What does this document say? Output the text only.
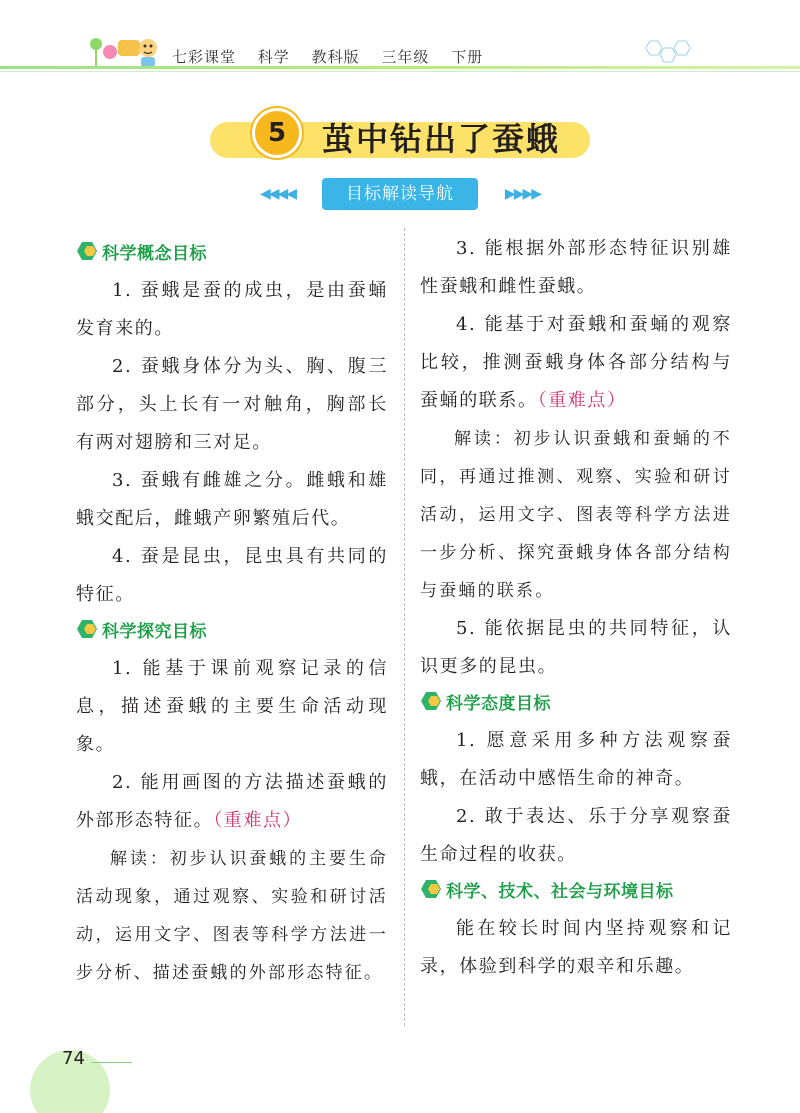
七彩课堂 科学 教科版 三年级 下册
5	茧中钻出了蚕蛾
◀◀◀◀	目标解读导航	▶▶▶▶
科学概念目标

1. 蚕蛾是蚕的成虫，是由蚕蛹发育来的。

2. 蚕蛾身体分为头、胸、腹三部分，头上长有一对触角，胸部长有两对翅膀和三对足。

3. 蚕蛾有雌雄之分。雌蛾和雄蛾交配后，雌蛾产卵繁殖后代。

4. 蚕是昆虫，昆虫具有共同的特征。

科学探究目标

1. 能基于课前观察记录的信息，描述蚕蛾的主要生命活动现象。

2. 能用画图的方法描述蚕蛾的外部形态特征。（重难点）

解读：初步认识蚕蛾的主要生命活动现象，通过观察、实验和研讨活动，运用文字、图表等科学方法进一步分析、描述蚕蛾的外部形态特征。

3. 能根据外部形态特征识别雄性蚕蛾和雌性蚕蛾。

4. 能基于对蚕蛾和蚕蛹的观察比较，推测蚕蛾身体各部分结构与蚕蛹的联系。（重难点）

解读：初步认识蚕蛾和蚕蛹的不同，再通过推测、观察、实验和研讨活动，运用文字、图表等科学方法进一步分析、探究蚕蛾身体各部分结构与蚕蛹的联系。

5. 能依据昆虫的共同特征，认识更多的昆虫。

科学态度目标

1. 愿意采用多种方法观察蚕蛾，在活动中感悟生命的神奇。

2. 敢于表达、乐于分享观察蚕生命过程的收获。

科学、技术、社会与环境目标

能在较长时间内坚持观察和记录，体验到科学的艰辛和乐趣。

74
